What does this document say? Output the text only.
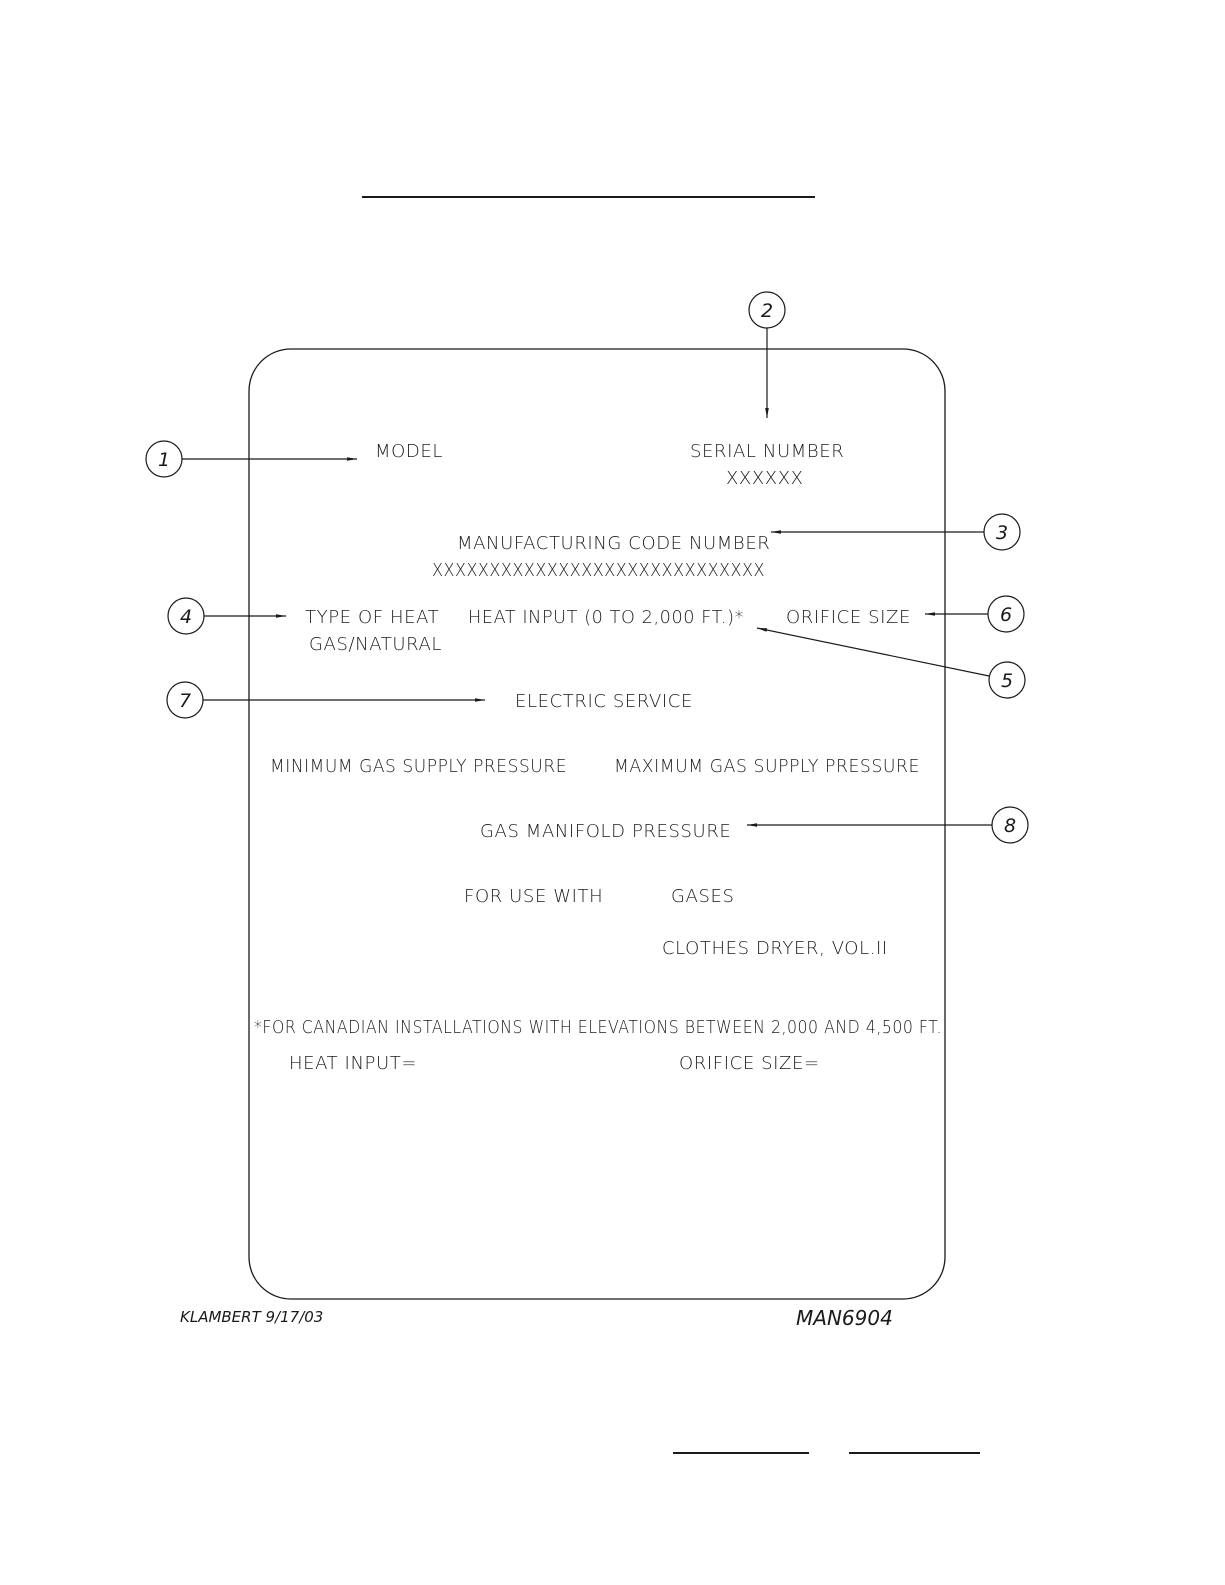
MODEL	SERIAL NUMBER
XXXXXX
MANUFACTURING CODE NUMBER
XXXXXXXXXXXXXXXXXXXXXXXXXXXXX
TYPE OF HEAT
GAS/NATURAL
HEAT INPUT (0 TO 2,000 FT.)* ORIFICE SIZE
ELECTRIC SERVICE
MINIMUM GAS SUPPLY PRESSURE	MAXIMUM GAS SUPPLY PRESSURE
GAS MANIFOLD PRESSURE
FOR USE WITH	GASES
CLOTHES DRYER, VOL.II
*FOR CANADIAN INSTALLATIONS WITH ELEVATIONS BETWEEN 2,000 AND 4,500 FT.
HEAT INPUT=	ORIFICE SIZE=
1
2
3
4
5
6
7
8
KLAMBERT 9/17/03	MAN6904
